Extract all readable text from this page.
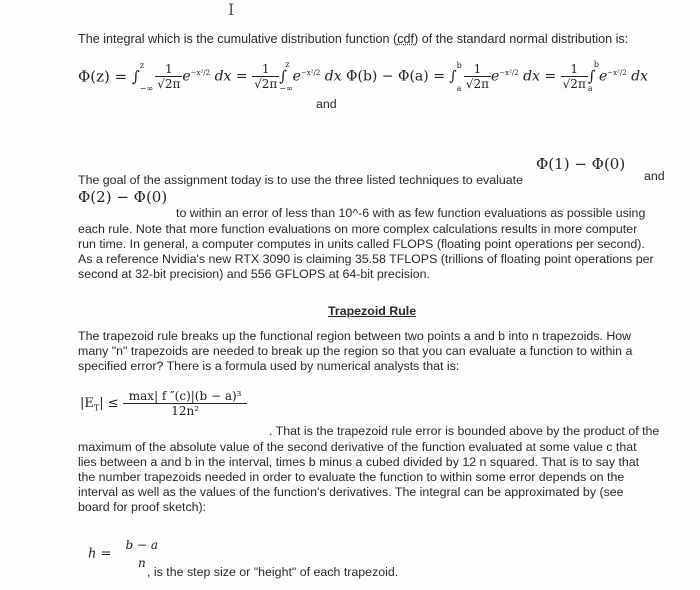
I
The integral which is the cumulative distribution function (cdf) of the standard normal distribution is:
Φ(z) = ∫
z
−∞ $\frac{1}{√2\pi} e^{-x^2/2}$ dx = $\frac{1}{√2\pi}$ z
∫
−∞
$e^{-x^2/2}$ dx
and
Φ(b) − Φ(a) = ∫
b
a $\frac{1}{√2\pi} e^{-x^2/2}$ dx = $\frac{1}{√2\pi}$ b
∫
a
$e^{-x^2/2}$ dx
The goal of the assignment today is to use the three listed techniques to evaluate
Φ(1) − Φ(0)
and
Φ(2) − Φ(0)
to within an error of less than 10^-6 with as few function evaluations as possible using
each rule. Note that more function evaluations on more complex calculations results in more computer
run time. In general, a computer computes in units called FLOPS (floating point operations per second).
As a reference Nvidia's new RTX 3090 is claiming 35.58 TFLOPS (trillions of floating point operations per
second at 32-bit precision) and 556 GFLOPS at 64-bit precision.
Trapezoid Rule
The trapezoid rule breaks up the functional region between two points a and b into n trapezoids. How
many "n" trapezoids are needed to break up the region so that you can evaluate a function to within a
specified error? There is a formula used by numerical analysts that is:
$|E_T| \le \frac{\text{max| f ″(c)|(b − a)³}}{\text{12n²}}$
. That is the trapezoid rule error is bounded above by the product of the
maximum of the absolute value of the second derivative of the function evaluated at some value c that
lies between a and b in the interval, times b minus a cubed divided by 12 n squared. That is to say that
the number trapezoids needed in order to evaluate the function to within some error depends on the
interval as well as the values of the function's derivatives. The integral can be approximated by (see
board for proof sketch):
h =
b − a
n
, is the step size or "height" of each trapezoid.
